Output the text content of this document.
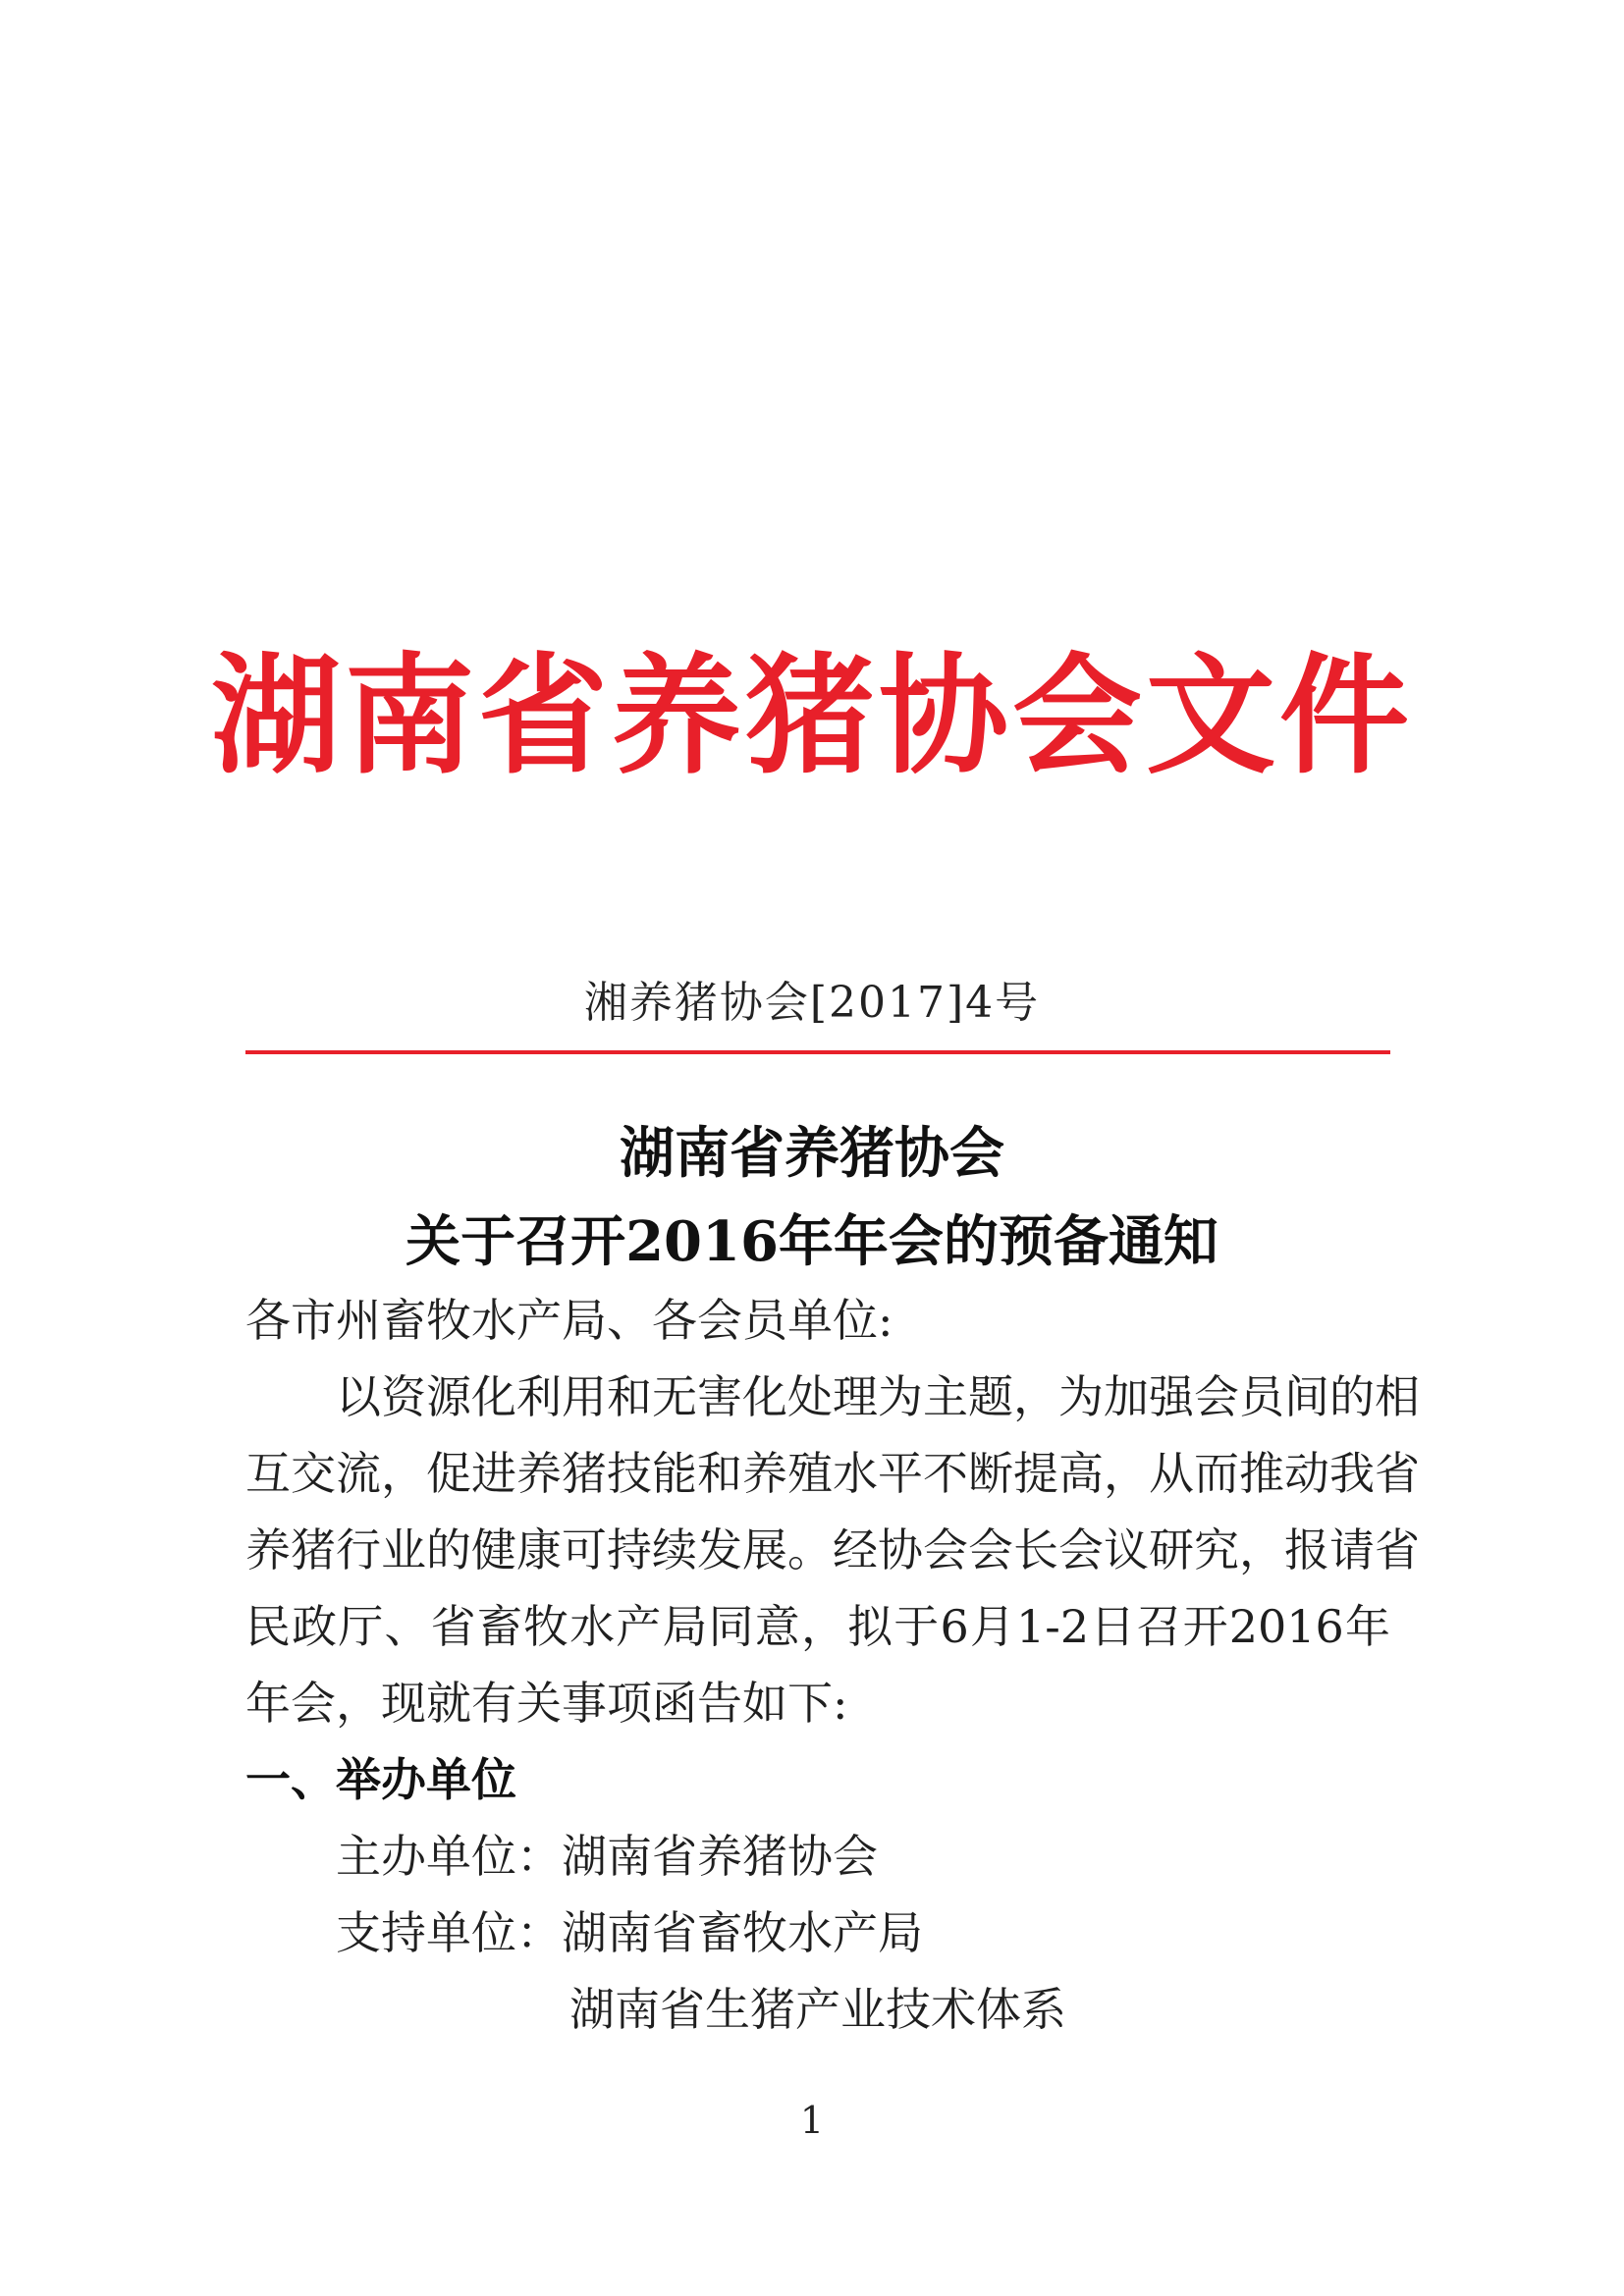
湖南省养猪协会文件
湘养猪协会[2017]4号
湖南省养猪协会
关于召开2016年年会的预备通知
各市州畜牧水产局、各会员单位:
以资源化利用和无害化处理为主题，为加强会员间的相
互交流，促进养猪技能和养殖水平不断提高，从而推动我省
养猪行业的健康可持续发展。经协会会长会议研究，报请省
民政厅、省畜牧水产局同意，拟于6月1-2日召开2016年
年会，现就有关事项函告如下:
一、举办单位
主办单位：湖南省养猪协会
支持单位：湖南省畜牧水产局
湖南省生猪产业技术体系
1
